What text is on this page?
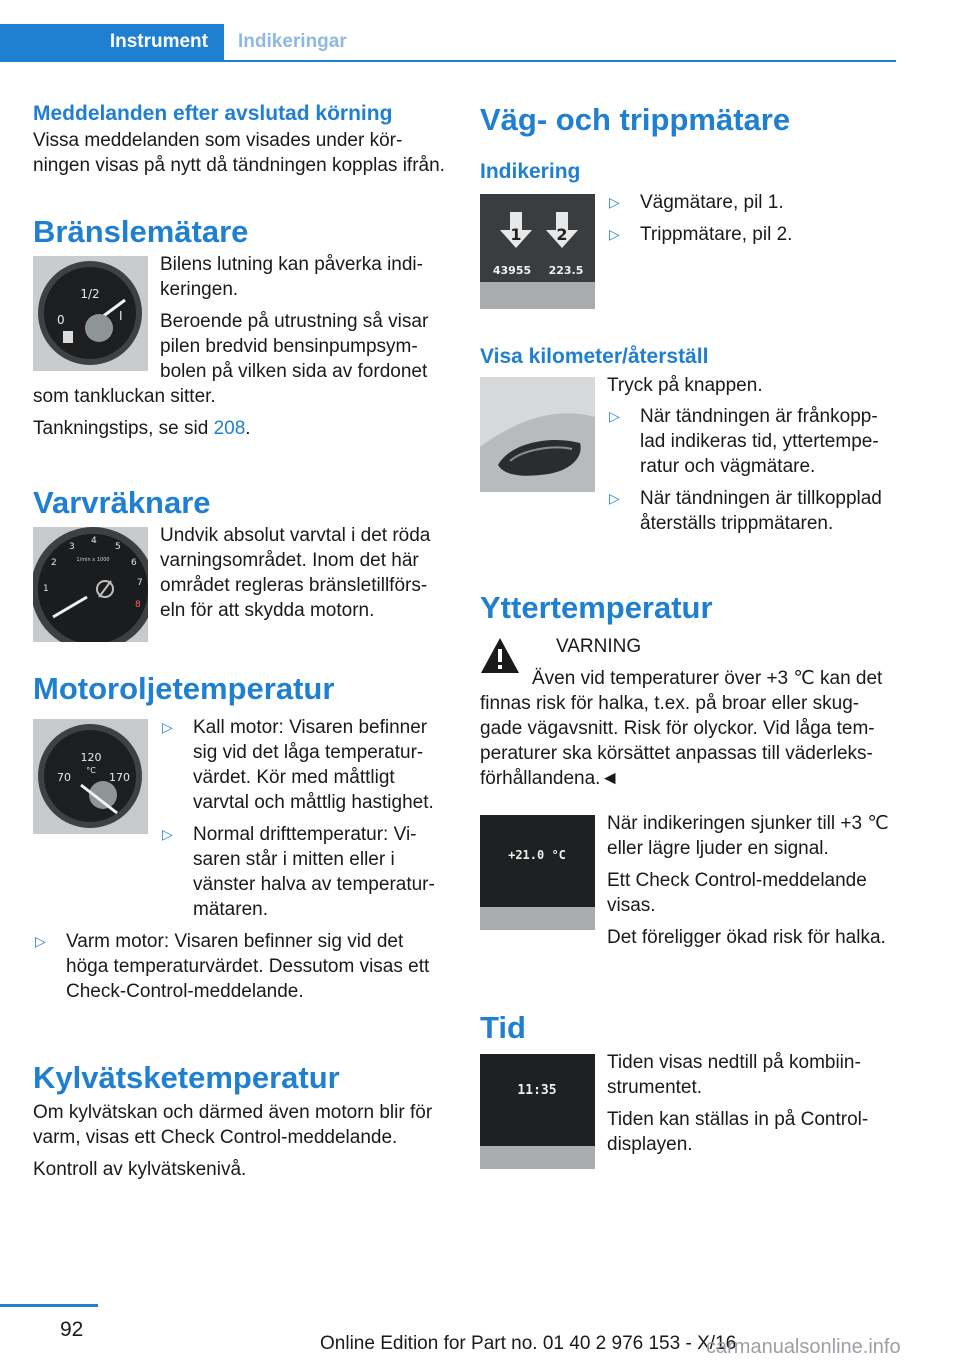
Instrument	Indikeringar
Meddelanden efter avslutad körning

Vissa meddelanden som visades under kör-ningen visas på nytt då tändningen kopplas ifrån.

Bränslemätare
1/2
0	I

Bilens lutning kan påverka indi-keringen.

Beroende på utrustning så visar pilen bredvid bensinpumpsym-bolen på vilken sida av fordonet som tankluckan sitter.

Tankningstips, se sid 208.

Varvräknare
1
2
3
4
5
6
7
8
1/min x 1000

Undvik absolut varvtal i det röda varningsområdet. Inom det här området regleras bränsletillförs-eln för att skydda motorn.

Motoroljetemperatur
120
°C
70	170
▷ Kall motor: Visaren befinner sig vid det låga temperatur-värdet. Kör med måttligt varvtal och måttlig hastighet.
▷ Normal drifttemperatur: Vi-saren står i mitten eller i vänster halva av temperatur-mätaren.
▷ Varm motor: Visaren befinner sig vid det höga temperaturvärdet. Dessutom visas ett Check-Control-meddelande.
Kylvätsketemperatur

Om kylvätskan och därmed även motorn blir för varm, visas ett Check Control-meddelande.

Kontroll av kylvätskenivå.

Väg- och trippmätare
Indikering
1 2
43955 223.5
▷ Vägmätare, pil 1.
▷ Trippmätare, pil 2.
Visa kilometer/återställ

Tryck på knappen.

▷ När tändningen är frånkopp-lad indikeras tid, yttertempe-ratur och vägmätare.
▷ När tändningen är tillkopplad återställs trippmätaren.
Yttertemperatur

VARNING

Även vid temperaturer över +3 ℃ kan det finnas risk för halka, t.ex. på broar eller skug-gade vägavsnitt. Risk för olyckor. Vid låga tem-peraturer ska körsättet anpassas till väderleks-förhållandena.◄

+21.0 °C

När indikeringen sjunker till +3 ℃ eller lägre ljuder en signal.

Ett Check Control-meddelande visas.

Det föreligger ökad risk för halka.

Tid
11:35

Tiden visas nedtill på kombiin-strumentet.

Tiden kan ställas in på Control-displayen.

92
Online Edition for Part no. 01 40 2 976 153 - X/16
carmanualsonline.info
